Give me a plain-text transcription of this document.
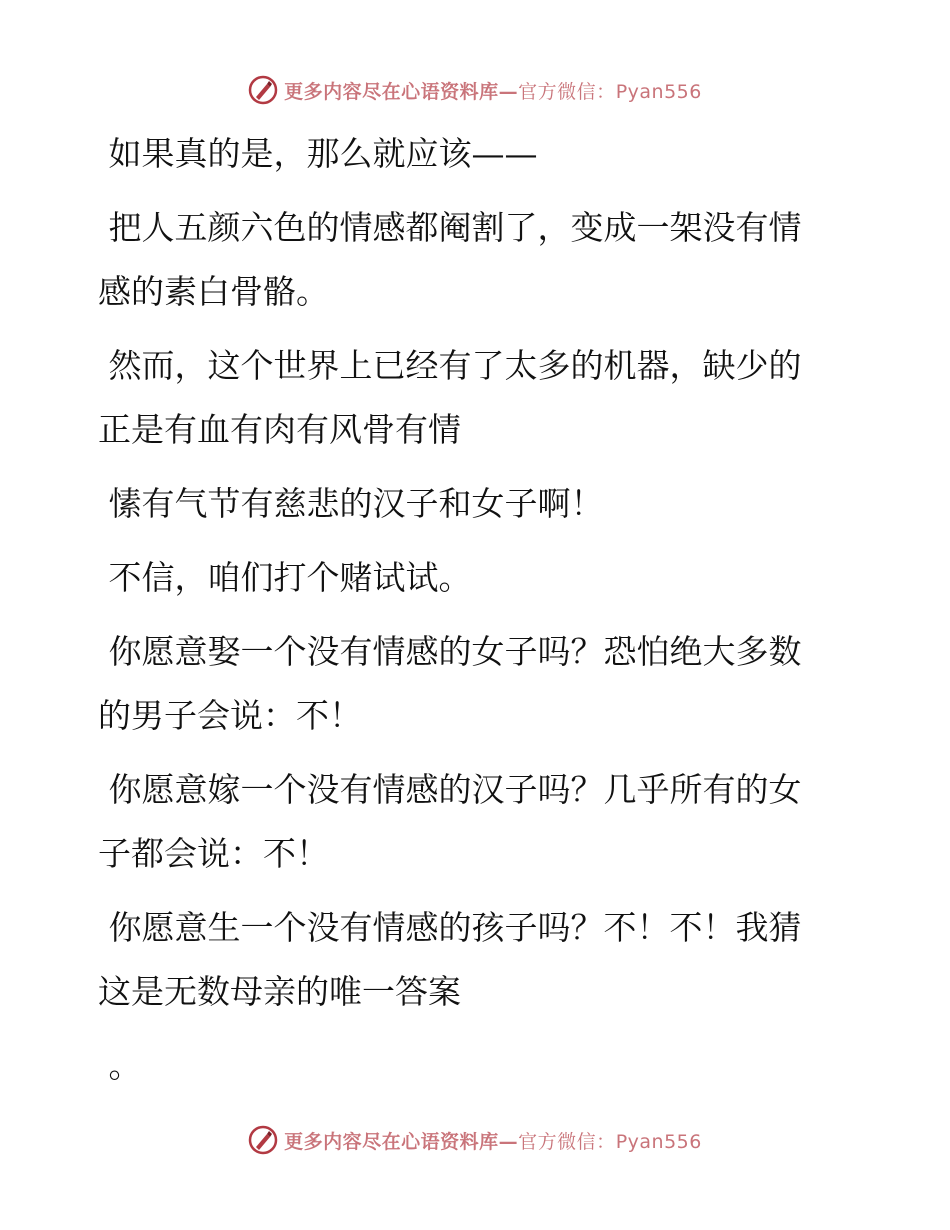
更多内容尽在心语资料库—官方微信：Pyan556
如果真的是，那么就应该——
把人五颜六色的情感都阉割了，变成一架没有情
感的素白骨骼。
然而，这个世界上已经有了太多的机器，缺少的
正是有血有肉有风骨有情
愫有气节有慈悲的汉子和女子啊！
不信，咱们打个赌试试。
你愿意娶一个没有情感的女子吗？恐怕绝大多数
的男子会说：不！
你愿意嫁一个没有情感的汉子吗？几乎所有的女
子都会说：不！
你愿意生一个没有情感的孩子吗？不！不！我猜
这是无数母亲的唯一答案
。
更多内容尽在心语资料库—官方微信：Pyan556
